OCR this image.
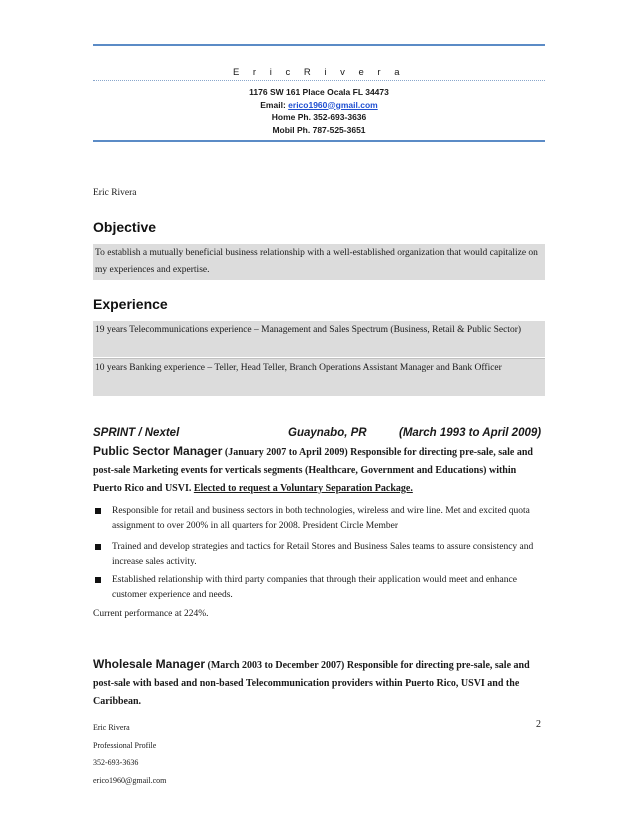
E r i c R i v e r a
1176 SW 161 Place Ocala FL 34473
Email: erico1960@gmail.com
Home Ph. 352-693-3636
Mobil Ph. 787-525-3651
Eric Rivera
Objective
To establish a mutually beneficial business relationship with a well-established organization that would capitalize on my experiences and expertise.
Experience
19 years Telecommunications experience – Management and Sales Spectrum (Business, Retail & Public Sector)
10 years Banking experience – Teller, Head Teller, Branch Operations Assistant Manager and Bank Officer
SPRINT / Nextel	Guaynabo, PR	(March 1993 to April 2009)
Public Sector Manager (January 2007 to April 2009) Responsible for directing pre-sale, sale and post-sale Marketing events for verticals segments (Healthcare, Government and Educations) within Puerto Rico and USVI. Elected to request a Voluntary Separation Package.
Responsible for retail and business sectors in both technologies, wireless and wire line. Met and excited quota assignment to over 200% in all quarters for 2008. President Circle Member
Trained and develop strategies and tactics for Retail Stores and Business Sales teams to assure consistency and increase sales activity.
Established relationship with third party companies that through their application would meet and enhance customer experience and needs.
Current performance at 224%.
Wholesale Manager (March 2003 to December 2007) Responsible for directing pre-sale, sale and post-sale with based and non-based Telecommunication providers within Puerto Rico, USVI and the Caribbean.
Eric Rivera
Professional Profile
352-693-3636
erico1960@gmail.com
2
